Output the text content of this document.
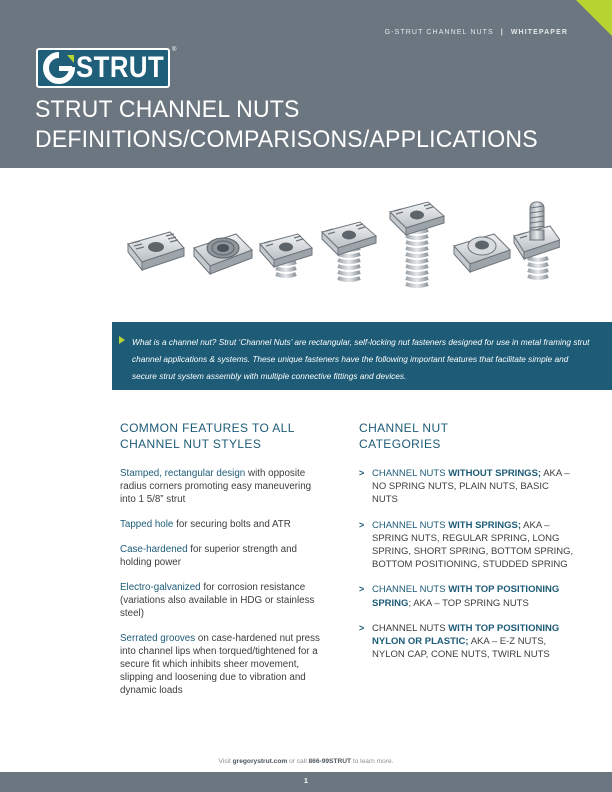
G-STRUT CHANNEL NUTS | WHITEPAPER
STRUT
®
STRUT CHANNEL NUTS
DEFINITIONS/COMPARISONS/APPLICATIONS

What is a channel nut? Strut ‘Channel Nuts’ are rectangular, self-locking nut fasteners designed for use in metal framing strut channel applications & systems. These unique fasteners have the following important features that facilitate simple and secure strut system assembly with multiple connective fittings and devices.

COMMON FEATURES TO ALL
CHANNEL NUT STYLES
Stamped, rectangular design with opposite radius corners promoting easy maneuvering into 1 5/8” strut
Tapped hole for securing bolts and ATR
Case-hardened for superior strength and holding power
Electro-galvanized for corrosion resistance (variations also available in HDG or stainless steel)
Serrated grooves on case-hardened nut press into channel lips when torqued/tightened for a secure fit which inhibits sheer movement, slipping and loosening due to vibration and dynamic loads
CHANNEL NUT
CATEGORIES
> CHANNEL NUTS WITHOUT SPRINGS; AKA – NO SPRING NUTS, PLAIN NUTS, BASIC NUTS
> CHANNEL NUTS WITH SPRINGS; AKA – SPRING NUTS, REGULAR SPRING, LONG SPRING, SHORT SPRING, BOTTOM SPRING, BOTTOM POSITIONING, STUDDED SPRING
> CHANNEL NUTS WITH TOP POSITIONING SPRING; AKA – TOP SPRING NUTS
> CHANNEL NUTS WITH TOP POSITIONING NYLON OR PLASTIC; AKA – E-Z NUTS, NYLON CAP, CONE NUTS, TWIRL NUTS
Visit gregorystrut.com or call 866-99STRUT to learn more.
1
